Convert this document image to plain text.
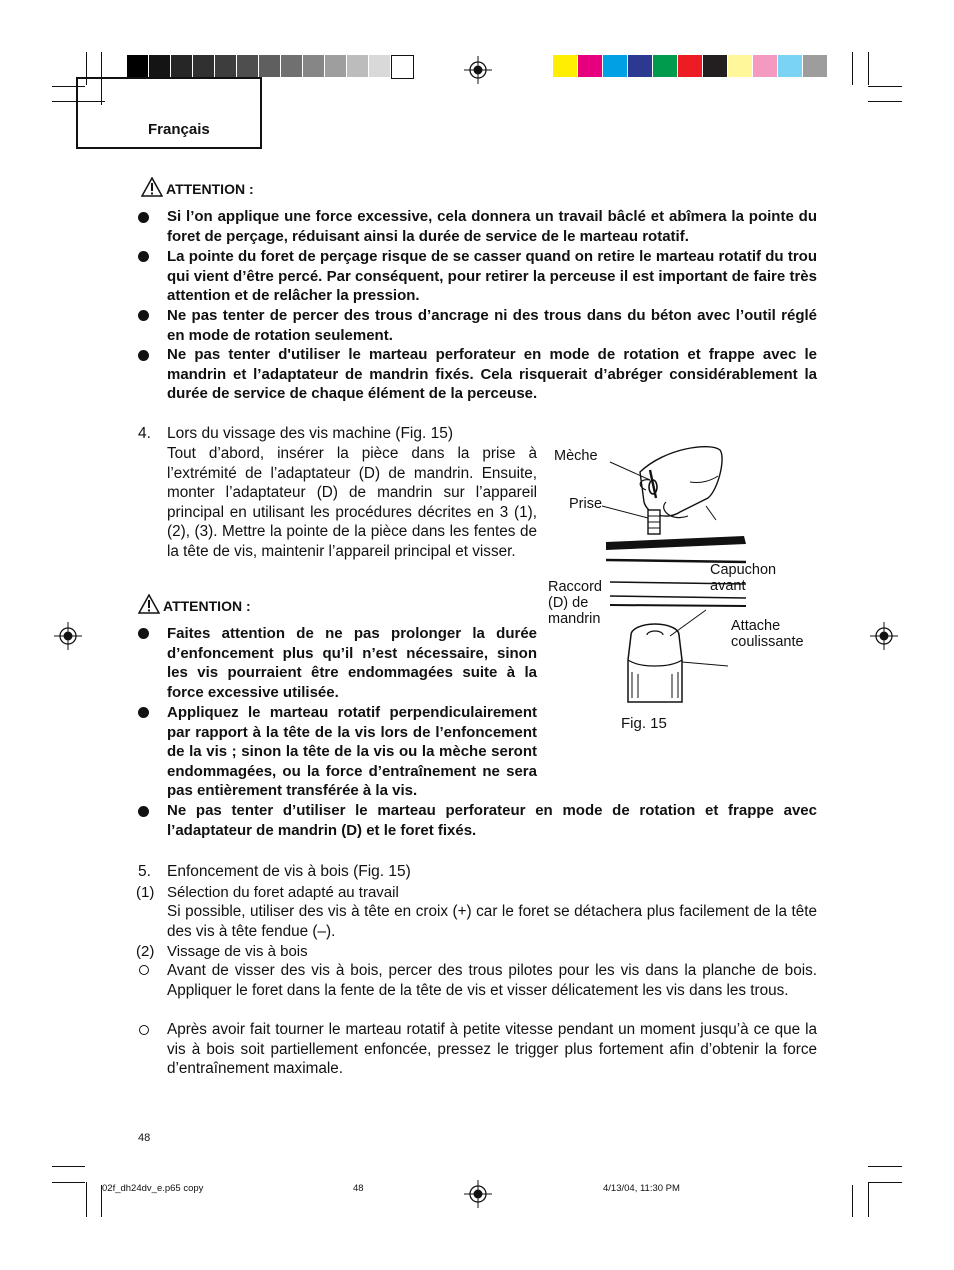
Français
ATTENTION :
Si l’on applique une force excessive, cela donnera un travail bâclé et abîmera la pointe du foret de perçage, réduisant ainsi la durée de service de le marteau rotatif.
La pointe du foret de perçage risque de se casser quand on retire le marteau rotatif du trou qui vient d’être percé. Par conséquent, pour retirer la perceuse il est important de faire très attention et de relâcher la pression.
Ne pas tenter de percer des trous d’ancrage ni des trous dans du béton avec l’outil réglé en mode de rotation seulement.
Ne pas tenter d'utiliser le marteau perforateur en mode de rotation et frappe avec le mandrin et l’adaptateur de mandrin fixés. Cela risquerait d’abréger considérablement la durée de service de chaque élément de la perceuse.
4. Lors du vissage des vis machine (Fig. 15)
Tout d’abord, insérer la pièce dans la prise à l’extrémité de l’adaptateur (D) de mandrin. Ensuite, monter l’adaptateur (D) de mandrin sur l’appareil principal en utilisant les procédures décrites en 3 (1), (2), (3). Mettre la pointe de la pièce dans les fentes de la tête de vis, maintenir l’appareil principal et visser.
ATTENTION :
Faites attention de ne pas prolonger la durée d’enfoncement plus qu’il n’est nécessaire, sinon les vis pourraient être endommagées suite à la force excessive utilisée.
Appliquez le marteau rotatif perpendiculairement par rapport à la tête de la vis lors de l’enfoncement de la vis ; sinon la tête de la vis ou la mèche seront endommagées, ou la force d’entraînement ne sera pas entièrement transférée à la vis.
Ne pas tenter d’utiliser le marteau perforateur en mode de rotation et frappe avec l’adaptateur de mandrin (D) et le foret fixés.
Mèche
Prise
Capuchon avant
Raccord (D) de mandrin	Attache coulissante
Fig. 15
5. Enfoncement de vis à bois (Fig. 15)
(1) Sélection du foret adapté au travail
Si possible, utiliser des vis à tête en croix (+) car le foret se détachera plus facilement de la tête des vis à tête fendue (–).
(2) Vissage de vis à bois
Avant de visser des vis à bois, percer des trous pilotes pour les vis dans la planche de bois. Appliquer le foret dans la fente de la tête de vis et visser délicatement les vis dans les trous.
Après avoir fait tourner le marteau rotatif à petite vitesse pendant un moment jusqu’à ce que la vis à bois soit partiellement enfoncée, pressez le trigger plus fortement afin d’obtenir la force d’entraînement maximale.
48
02f_dh24dv_e.p65 copy	48	4/13/04, 11:30 PM
